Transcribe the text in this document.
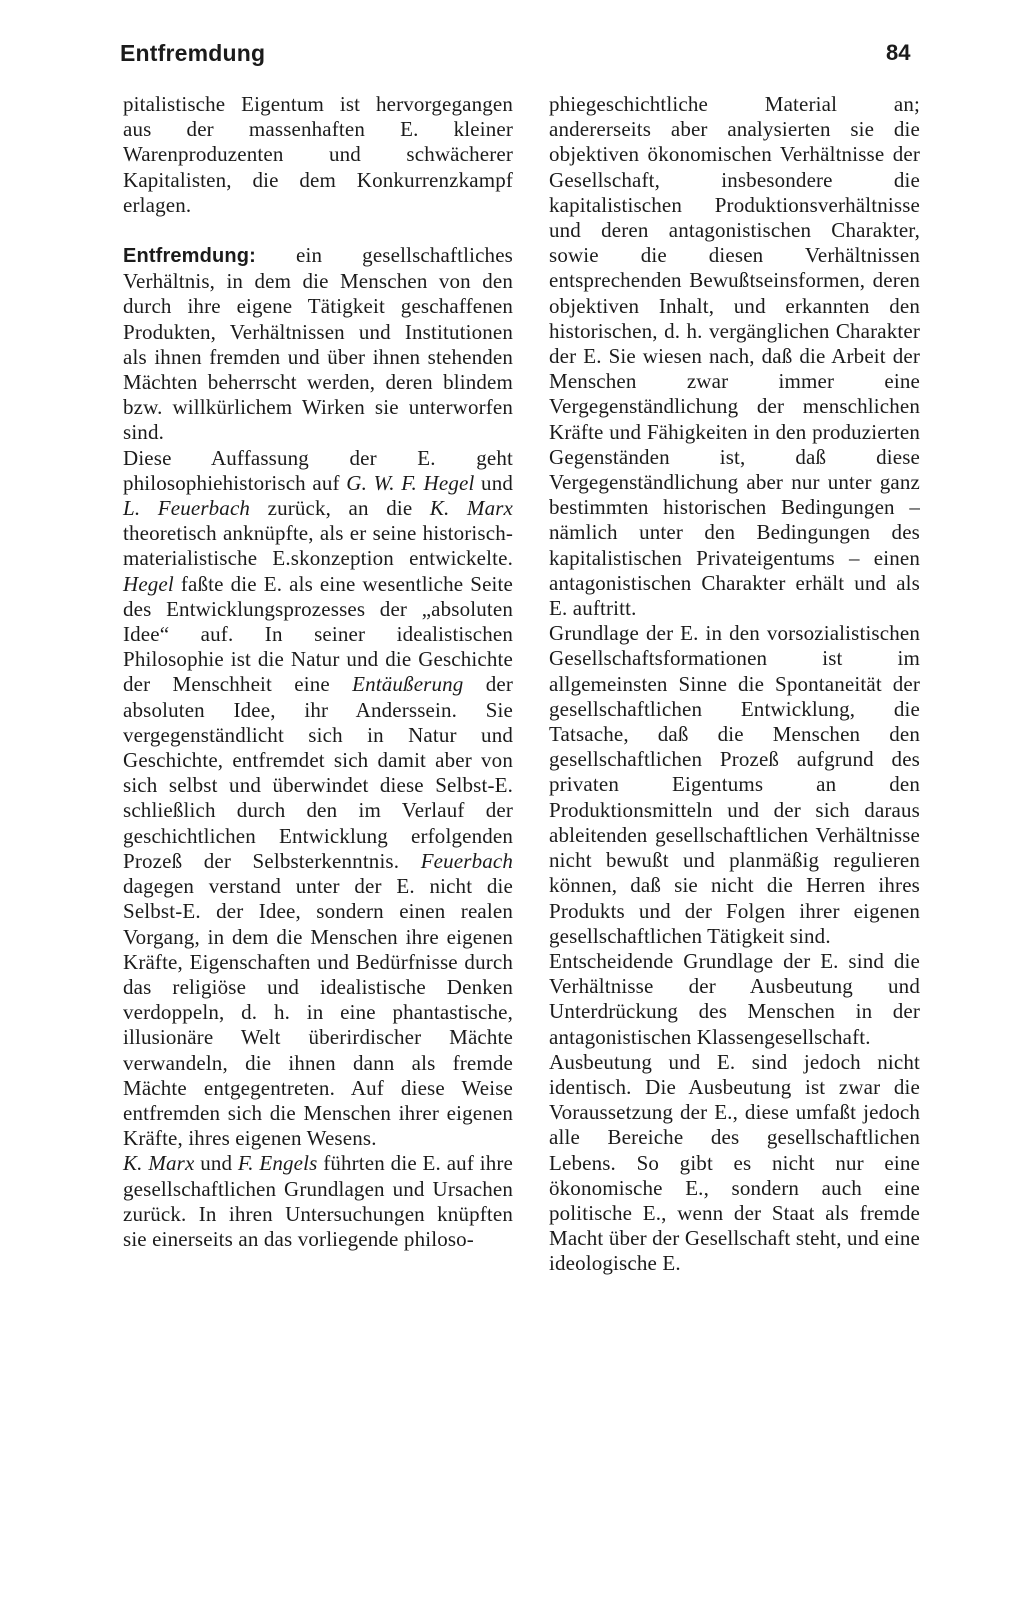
Entfremdung	84

pitalistische Eigentum ist hervorgegangen aus der massenhaften E. kleiner Warenproduzenten und schwächerer Kapitalisten, die dem Konkurrenzkampf erlagen.

Entfremdung: ein gesellschaftliches Verhältnis, in dem die Menschen von den durch ihre eigene Tätigkeit geschaffenen Produkten, Verhältnissen und Institutionen als ihnen fremden und über ihnen stehenden Mächten beherrscht werden, deren blindem bzw. willkürlichem Wirken sie unterworfen sind.

Diese Auffassung der E. geht philosophiehistorisch auf G. W. F. Hegel und L. Feuerbach zurück, an die K. Marx theoretisch anknüpfte, als er seine historisch-materialistische E.skonzeption entwickelte. Hegel faßte die E. als eine wesentliche Seite des Entwicklungsprozesses der „absoluten Idee“ auf. In seiner idealistischen Philosophie ist die Natur und die Geschichte der Menschheit eine Entäußerung der absoluten Idee, ihr Anderssein. Sie vergegenständlicht sich in Natur und Geschichte, entfremdet sich damit aber von sich selbst und überwindet diese Selbst-E. schließlich durch den im Verlauf der geschichtlichen Entwicklung erfolgenden Prozeß der Selbsterkenntnis. Feuerbach dagegen verstand unter der E. nicht die Selbst-E. der Idee, sondern einen realen Vorgang, in dem die Menschen ihre eigenen Kräfte, Eigenschaften und Bedürfnisse durch das religiöse und idealistische Denken verdoppeln, d. h. in eine phantastische, illusionäre Welt überirdischer Mächte verwandeln, die ihnen dann als fremde Mächte entgegentreten. Auf diese Weise entfremden sich die Menschen ihrer eigenen Kräfte, ihres eigenen Wesens.

K. Marx und F. Engels führten die E. auf ihre gesellschaftlichen Grundlagen und Ursachen zurück. In ihren Untersuchungen knüpften sie einerseits an das vorliegende philoso-

phiegeschichtliche Material an; andererseits aber analysierten sie die objektiven ökonomischen Verhältnisse der Gesellschaft, insbesondere die kapitalistischen Produktionsverhältnisse und deren antagonistischen Charakter, sowie die diesen Verhältnissen entsprechenden Bewußtseinsformen, deren objektiven Inhalt, und erkannten den historischen, d. h. vergänglichen Charakter der E. Sie wiesen nach, daß die Arbeit der Menschen zwar immer eine Vergegenständlichung der menschlichen Kräfte und Fähigkeiten in den produzierten Gegenständen ist, daß diese Vergegenständlichung aber nur unter ganz bestimmten historischen Bedingungen – nämlich unter den Bedingungen des kapitalistischen Privateigentums – einen antagonistischen Charakter erhält und als E. auftritt.

Grundlage der E. in den vorsozialistischen Gesellschaftsformationen ist im allgemeinsten Sinne die Spontaneität der gesellschaftlichen Entwicklung, die Tatsache, daß die Menschen den gesellschaftlichen Prozeß aufgrund des privaten Eigentums an den Produktionsmitteln und der sich daraus ableitenden gesellschaftlichen Verhältnisse nicht bewußt und planmäßig regulieren können, daß sie nicht die Herren ihres Produkts und der Folgen ihrer eigenen gesellschaftlichen Tätigkeit sind.

Entscheidende Grundlage der E. sind die Verhältnisse der Ausbeutung und Unterdrückung des Menschen in der antagonistischen Klassengesellschaft.

Ausbeutung und E. sind jedoch nicht identisch. Die Ausbeutung ist zwar die Voraussetzung der E., diese umfaßt jedoch alle Bereiche des gesellschaftlichen Lebens. So gibt es nicht nur eine ökonomische E., sondern auch eine politische E., wenn der Staat als fremde Macht über der Gesellschaft steht, und eine ideologische E.
